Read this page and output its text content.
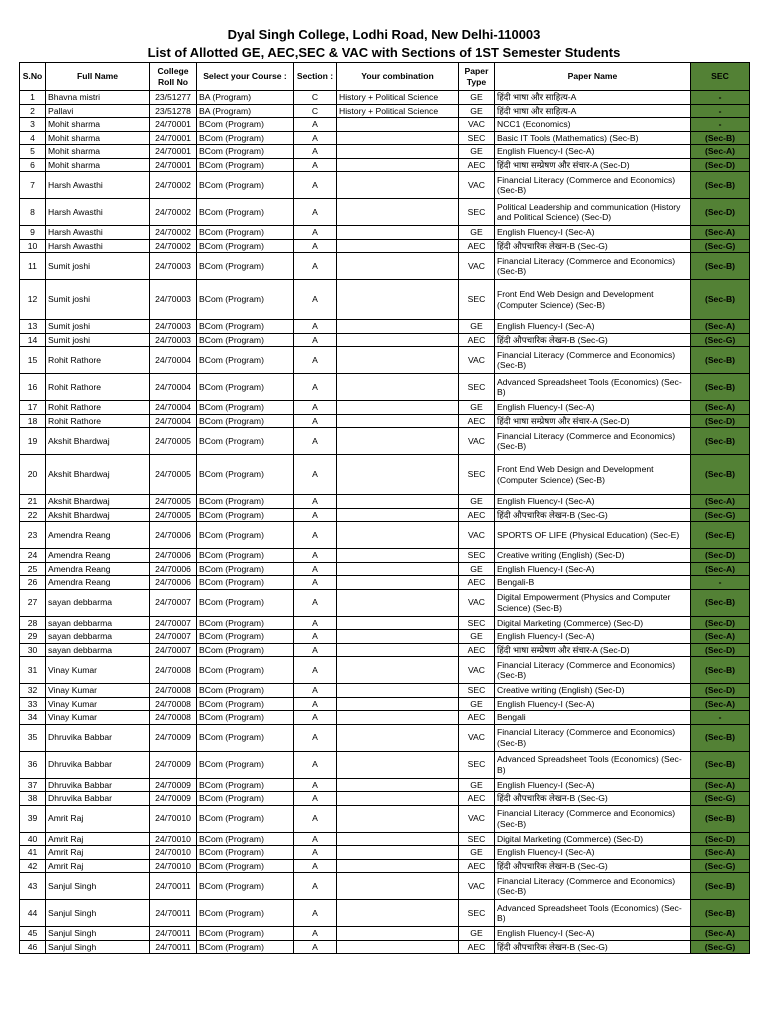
Dyal Singh College, Lodhi Road, New Delhi-110003
List of Allotted GE, AEC,SEC & VAC with Sections of 1ST Semester Students
S.No	Full Name	College Roll No	Select your Course :	Section :	Your combination	Paper Type	Paper Name	SEC
1	Bhavna mistri	23/51277	BA (Program)	C	History + Political Science	GE	हिंदी भाषा और साहित्य-A	-
2	Pallavi	23/51278	BA (Program)	C	History + Political Science	GE	हिंदी भाषा और साहित्य-A	-
3	Mohit sharma	24/70001	BCom (Program)	A		VAC	NCC1 (Economics)	-
4	Mohit sharma	24/70001	BCom (Program)	A		SEC	Basic IT Tools (Mathematics) (Sec-B)	(Sec-B)
5	Mohit sharma	24/70001	BCom (Program)	A		GE	English Fluency-I (Sec-A)	(Sec-A)
6	Mohit sharma	24/70001	BCom (Program)	A		AEC	हिंदी भाषा सम्प्रेषण और संचार-A (Sec-D)	(Sec-D)
7	Harsh Awasthi	24/70002	BCom (Program)	A		VAC	Financial Literacy (Commerce and Economics) (Sec-B)	(Sec-B)
8	Harsh Awasthi	24/70002	BCom (Program)	A		SEC	Political Leadership and communication (History and Political Science) (Sec-D)	(Sec-D)
9	Harsh Awasthi	24/70002	BCom (Program)	A		GE	English Fluency-I (Sec-A)	(Sec-A)
10	Harsh Awasthi	24/70002	BCom (Program)	A		AEC	हिंदी औपचारिक लेखन-B (Sec-G)	(Sec-G)
11	Sumit joshi	24/70003	BCom (Program)	A		VAC	Financial Literacy (Commerce and Economics) (Sec-B)	(Sec-B)
12	Sumit joshi	24/70003	BCom (Program)	A		SEC	Front End Web Design and Development (Computer Science) (Sec-B)	(Sec-B)
13	Sumit joshi	24/70003	BCom (Program)	A		GE	English Fluency-I (Sec-A)	(Sec-A)
14	Sumit joshi	24/70003	BCom (Program)	A		AEC	हिंदी औपचारिक लेखन-B (Sec-G)	(Sec-G)
15	Rohit Rathore	24/70004	BCom (Program)	A		VAC	Financial Literacy (Commerce and Economics) (Sec-B)	(Sec-B)
16	Rohit Rathore	24/70004	BCom (Program)	A		SEC	Advanced Spreadsheet Tools (Economics) (Sec-B)	(Sec-B)
17	Rohit Rathore	24/70004	BCom (Program)	A		GE	English Fluency-I (Sec-A)	(Sec-A)
18	Rohit Rathore	24/70004	BCom (Program)	A		AEC	हिंदी भाषा सम्प्रेषण और संचार-A (Sec-D)	(Sec-D)
19	Akshit Bhardwaj	24/70005	BCom (Program)	A		VAC	Financial Literacy (Commerce and Economics) (Sec-B)	(Sec-B)
20	Akshit Bhardwaj	24/70005	BCom (Program)	A		SEC	Front End Web Design and Development (Computer Science) (Sec-B)	(Sec-B)
21	Akshit Bhardwaj	24/70005	BCom (Program)	A		GE	English Fluency-I (Sec-A)	(Sec-A)
22	Akshit Bhardwaj	24/70005	BCom (Program)	A		AEC	हिंदी औपचारिक लेखन-B (Sec-G)	(Sec-G)
23	Amendra Reang	24/70006	BCom (Program)	A		VAC	SPORTS OF LIFE (Physical Education) (Sec-E)	(Sec-E)
24	Amendra Reang	24/70006	BCom (Program)	A		SEC	Creative writing (English) (Sec-D)	(Sec-D)
25	Amendra Reang	24/70006	BCom (Program)	A		GE	English Fluency-I (Sec-A)	(Sec-A)
26	Amendra Reang	24/70006	BCom (Program)	A		AEC	Bengali-B	-
27	sayan debbarma	24/70007	BCom (Program)	A		VAC	Digital Empowerment (Physics and Computer Science) (Sec-B)	(Sec-B)
28	sayan debbarma	24/70007	BCom (Program)	A		SEC	Digital Marketing (Commerce) (Sec-D)	(Sec-D)
29	sayan debbarma	24/70007	BCom (Program)	A		GE	English Fluency-I (Sec-A)	(Sec-A)
30	sayan debbarma	24/70007	BCom (Program)	A		AEC	हिंदी भाषा सम्प्रेषण और संचार-A (Sec-D)	(Sec-D)
31	Vinay Kumar	24/70008	BCom (Program)	A		VAC	Financial Literacy (Commerce and Economics) (Sec-B)	(Sec-B)
32	Vinay Kumar	24/70008	BCom (Program)	A		SEC	Creative writing (English) (Sec-D)	(Sec-D)
33	Vinay Kumar	24/70008	BCom (Program)	A		GE	English Fluency-I (Sec-A)	(Sec-A)
34	Vinay Kumar	24/70008	BCom (Program)	A		AEC	Bengali	-
35	Dhruvika Babbar	24/70009	BCom (Program)	A		VAC	Financial Literacy (Commerce and Economics) (Sec-B)	(Sec-B)
36	Dhruvika Babbar	24/70009	BCom (Program)	A		SEC	Advanced Spreadsheet Tools (Economics) (Sec-B)	(Sec-B)
37	Dhruvika Babbar	24/70009	BCom (Program)	A		GE	English Fluency-I (Sec-A)	(Sec-A)
38	Dhruvika Babbar	24/70009	BCom (Program)	A		AEC	हिंदी औपचारिक लेखन-B (Sec-G)	(Sec-G)
39	Amrit Raj	24/70010	BCom (Program)	A		VAC	Financial Literacy (Commerce and Economics) (Sec-B)	(Sec-B)
40	Amrit Raj	24/70010	BCom (Program)	A		SEC	Digital Marketing (Commerce) (Sec-D)	(Sec-D)
41	Amrit Raj	24/70010	BCom (Program)	A		GE	English Fluency-I (Sec-A)	(Sec-A)
42	Amrit Raj	24/70010	BCom (Program)	A		AEC	हिंदी औपचारिक लेखन-B (Sec-G)	(Sec-G)
43	Sanjul Singh	24/70011	BCom (Program)	A		VAC	Financial Literacy (Commerce and Economics) (Sec-B)	(Sec-B)
44	Sanjul Singh	24/70011	BCom (Program)	A		SEC	Advanced Spreadsheet Tools (Economics) (Sec-B)	(Sec-B)
45	Sanjul Singh	24/70011	BCom (Program)	A		GE	English Fluency-I (Sec-A)	(Sec-A)
46	Sanjul Singh	24/70011	BCom (Program)	A		AEC	हिंदी औपचारिक लेखन-B (Sec-G)	(Sec-G)
